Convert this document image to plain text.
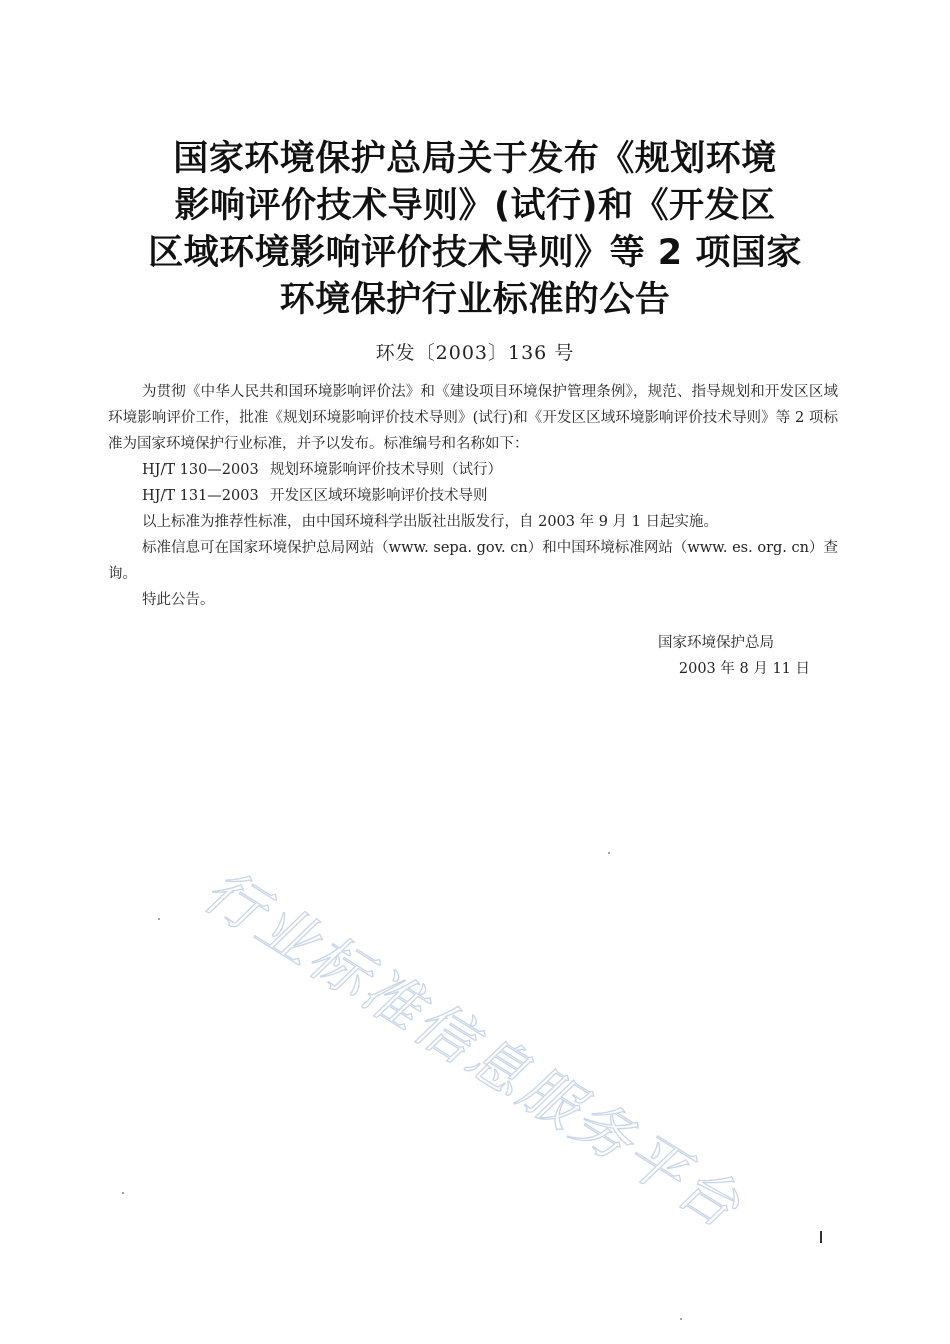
国家环境保护总局关于发布《规划环境
影响评价技术导则》(试行)和《开发区
区域环境影响评价技术导则》等 2 项国家
环境保护行业标准的公告
环发〔2003〕136 号

为贯彻《中华人民共和国环境影响评价法》和《建设项目环境保护管理条例》，规范、指导规划和开发区区域环境影响评价工作，批准《规划环境影响评价技术导则》(试行)和《开发区区域环境影响评价技术导则》等 2 项标准为国家环境保护行业标准，并予以发布。标准编号和名称如下：

HJ/T 130—2003 规划环境影响评价技术导则（试行）

HJ/T 131—2003 开发区区域环境影响评价技术导则

以上标准为推荐性标准，由中国环境科学出版社出版发行，自 2003 年 9 月 1 日起实施。

标准信息可在国家环境保护总局网站（www. sepa. gov. cn）和中国环境标准网站（www. es. org. cn）查询。

特此公告。

国家环境保护总局
2003 年 8 月 11 日
行业标准信息服务平台
